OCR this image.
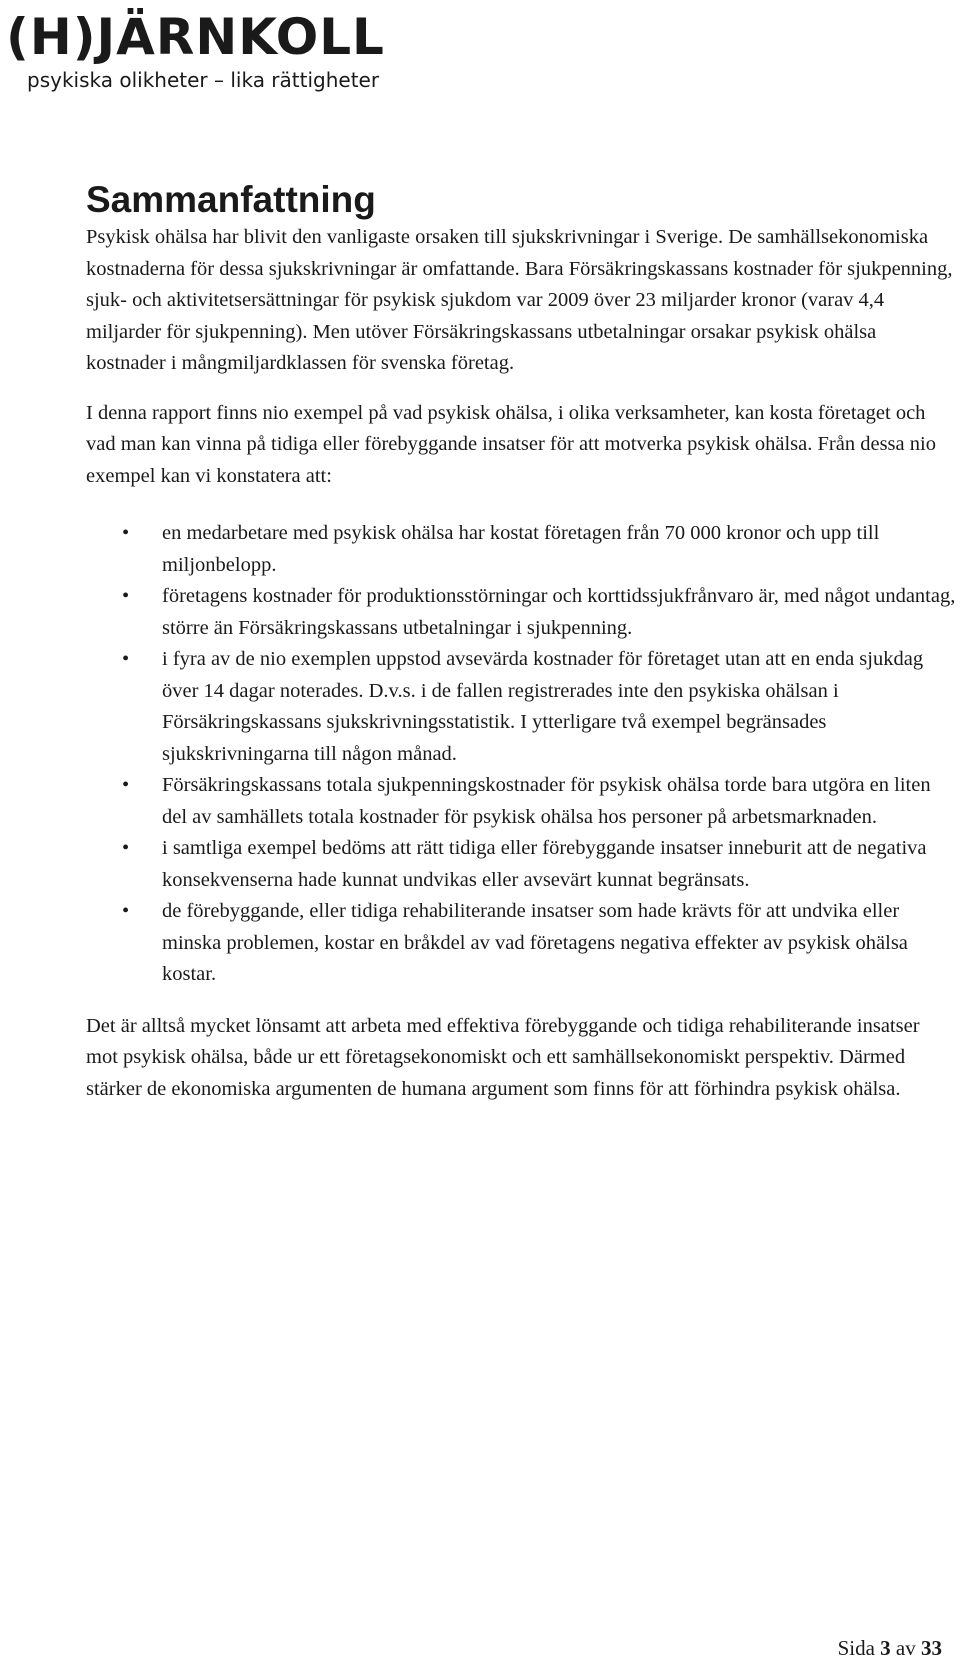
(H)JÄRNKOLL
psykiska olikheter – lika rättigheter
Sammanfattning

Psykisk ohälsa har blivit den vanligaste orsaken till sjukskrivningar i Sverige. De samhällsekonomiska kostnaderna för dessa sjukskrivningar är omfattande. Bara Försäkringskassans kostnader för sjukpenning, sjuk- och aktivitetsersättningar för psykisk sjukdom var 2009 över 23 miljarder kronor (varav 4,4 miljarder för sjukpenning). Men utöver Försäkringskassans utbetalningar orsakar psykisk ohälsa kostnader i mångmiljardklassen för svenska företag.

I denna rapport finns nio exempel på vad psykisk ohälsa, i olika verksamheter, kan kosta företaget och vad man kan vinna på tidiga eller förebyggande insatser för att motverka psykisk ohälsa. Från dessa nio exempel kan vi konstatera att:

• en medarbetare med psykisk ohälsa har kostat företagen från 70 000 kronor och upp till miljonbelopp.
• företagens kostnader för produktionsstörningar och korttidssjukfrånvaro är, med något undantag, större än Försäkringskassans utbetalningar i sjukpenning.
• i fyra av de nio exemplen uppstod avsevärda kostnader för företaget utan att en enda sjukdag över 14 dagar noterades. D.v.s. i de fallen registrerades inte den psykiska ohälsan i Försäkringskassans sjukskrivningsstatistik. I ytterligare två exempel begränsades sjukskrivningarna till någon månad.
• Försäkringskassans totala sjukpenningskostnader för psykisk ohälsa torde bara utgöra en liten del av samhällets totala kostnader för psykisk ohälsa hos personer på arbetsmarknaden.
• i samtliga exempel bedöms att rätt tidiga eller förebyggande insatser inneburit att de negativa konsekvenserna hade kunnat undvikas eller avsevärt kunnat begränsats.
• de förebyggande, eller tidiga rehabiliterande insatser som hade krävts för att undvika eller minska problemen, kostar en bråkdel av vad företagens negativa effekter av psykisk ohälsa kostar.

Det är alltså mycket lönsamt att arbeta med effektiva förebyggande och tidiga rehabiliterande insatser mot psykisk ohälsa, både ur ett företagsekonomiskt och ett samhällsekonomiskt perspektiv. Därmed stärker de ekonomiska argumenten de humana argument som finns för att förhindra psykisk ohälsa.

Sida 3 av 33
